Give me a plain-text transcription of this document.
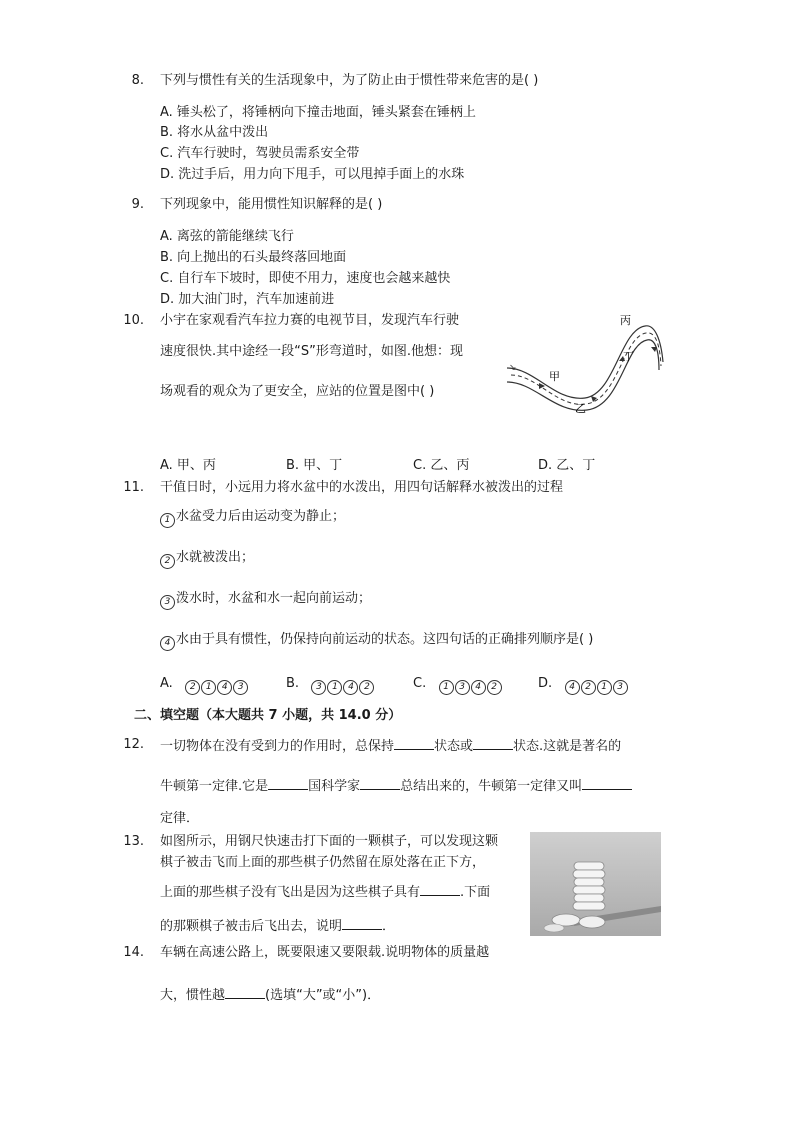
8. 下列与惯性有关的生活现象中，为了防止由于惯性带来危害的是( )
A. 锤头松了，将锤柄向下撞击地面，锤头紧套在锤柄上
B. 将水从盆中泼出
C. 汽车行驶时，驾驶员需系安全带
D. 洗过手后，用力向下甩手，可以甩掉手面上的水珠
9. 下列现象中，能用惯性知识解释的是( )
A. 离弦的箭能继续飞行
B. 向上抛出的石头最终落回地面
C. 自行车下坡时，即使不用力，速度也会越来越快
D. 加大油门时，汽车加速前进
10. 小宇在家观看汽车拉力赛的电视节目，发现汽车行驶
速度很快.其中途经一段“S”形弯道时，如图.他想：现
场观看的观众为了更安全，应站的位置是图中( )
↘
甲
乙
丙
丁
A. 甲、丙	B. 甲、丁	C. 乙、丙	D. 乙、丁
11. 干值日时，小远用力将水盆中的水泼出，用四句话解释水被泼出的过程
1 水盆受力后由运动变为静止；
2 水就被泼出；
3 泼水时，水盆和水一起向前运动；
4 水由于具有惯性，仍保持向前运动的状态。这四句话的正确排列顺序是( )
A. 2 1 4 3	B. 3 1 4 2	C. 1 3 4 2	D. 4 2 1 3
二、填空题（本大题共 7 小题，共 14.0 分）
12. 一切物体在没有受到力的作用时，总保持	状态或	状态.这就是著名的
牛顿第一定律.它是	国科学家	总结出来的，牛顿第一定律又叫
定律．
13. 如图所示，用钢尺快速击打下面的一颗棋子，可以发现这颗
棋子被击飞而上面的那些棋子仍然留在原处落在正下方，
上面的那些棋子没有飞出是因为这些棋子具有	.下面
的那颗棋子被击后飞出去，说明	．
14. 车辆在高速公路上，既要限速又要限载.说明物体的质量越
大，惯性越	(选填“大”或“小”)．
